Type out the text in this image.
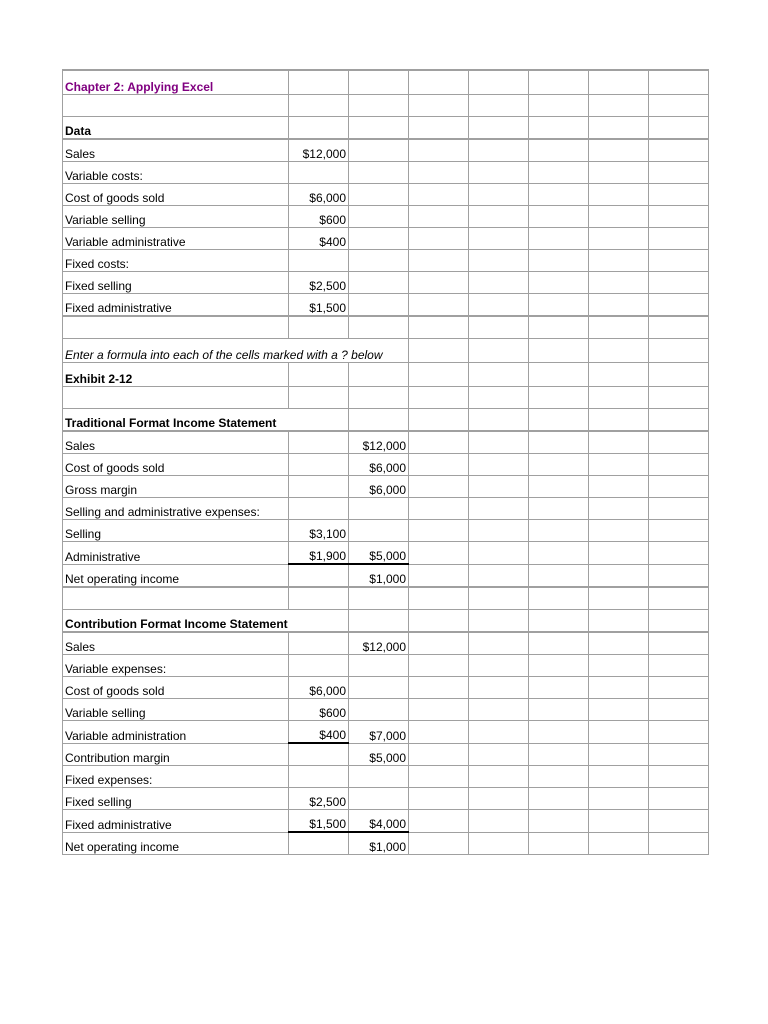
Chapter 2: Applying Excel							

Data							
Sales	$12,000						
Variable costs:							
Cost of goods sold	$6,000						
Variable selling	$600						
Variable administrative	$400						
Fixed costs:							
Fixed selling	$2,500						
Fixed administrative	$1,500						

Enter a formula into each of the cells marked with a ? below							
Exhibit 2-12							

Traditional Format Income Statement							
Sales		$12,000					
Cost of goods sold		$6,000					
Gross margin		$6,000					
Selling and administrative expenses:							
Selling	$3,100						
Administrative	$1,900	$5,000					
Net operating income		$1,000					

Contribution Format Income Statement							
Sales		$12,000					
Variable expenses:							
Cost of goods sold	$6,000						
Variable selling	$600						
Variable administration	$400	$7,000					
Contribution margin		$5,000					
Fixed expenses:							
Fixed selling	$2,500						
Fixed administrative	$1,500	$4,000					
Net operating income		$1,000					
